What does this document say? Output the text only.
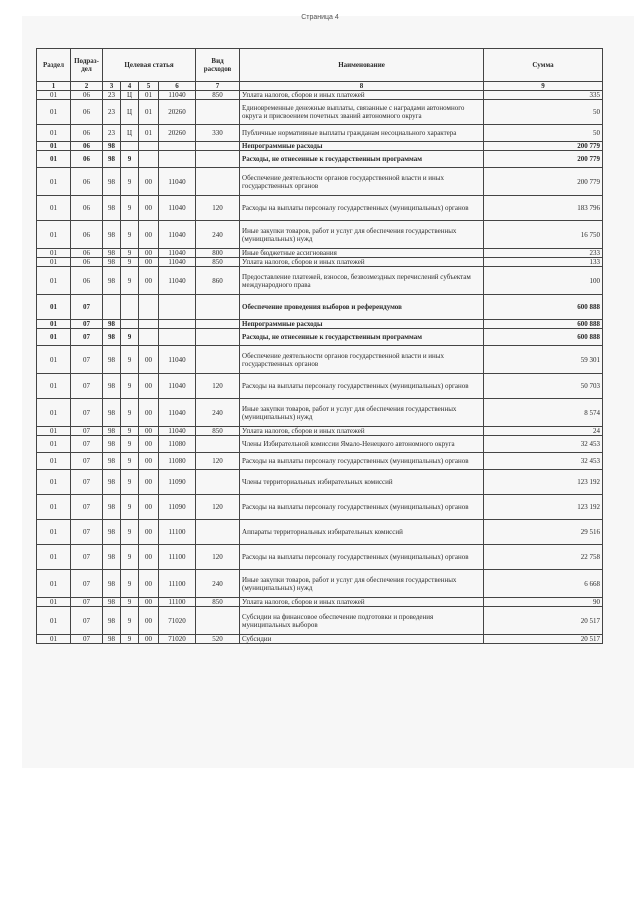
Страница 4
Раздел	Подраз-дел	Целевая статья				Вид расходов	Наименование	Сумма
1	2	3	4	5	6	7	8	9
01	06	23	Ц	01	11040	850	Уплата налогов, сборов и иных платежей	335
01	06	23	Ц	01	20260		Единовременные денежные выплаты, связанные с наградами автономного округа и присвоением почетных званий автономного округа	50
01	06	23	Ц	01	20260	330	Публичные нормативные выплаты гражданам несоциального характера	50
01	06	98					Непрограммные расходы	200 779
01	06	98	9				Расходы, не отнесенные к государственным программам	200 779
01	06	98	9	00	11040		Обеспечение деятельности органов государственной власти и иных государственных органов	200 779
01	06	98	9	00	11040	120	Расходы на выплаты персоналу государственных (муниципальных) органов	183 796
01	06	98	9	00	11040	240	Иные закупки товаров, работ и услуг для обеспечения государственных (муниципальных) нужд	16 750
01	06	98	9	00	11040	800	Иные бюджетные ассигнования	233
01	06	98	9	00	11040	850	Уплата налогов, сборов и иных платежей	133
01	06	98	9	00	11040	860	Предоставление платежей, взносов, безвозмездных перечислений субъектам международного права	100
01	07						Обеспечение проведения выборов и референдумов	600 888
01	07	98					Непрограммные расходы	600 888
01	07	98	9				Расходы, не отнесенные к государственным программам	600 888
01	07	98	9	00	11040		Обеспечение деятельности органов государственной власти и иных государственных органов	59 301
01	07	98	9	00	11040	120	Расходы на выплаты персоналу государственных (муниципальных) органов	50 703
01	07	98	9	00	11040	240	Иные закупки товаров, работ и услуг для обеспечения государственных (муниципальных) нужд	8 574
01	07	98	9	00	11040	850	Уплата налогов, сборов и иных платежей	24
01	07	98	9	00	11080		Члены Избирательной комиссии Ямало-Ненецкого автономного округа	32 453
01	07	98	9	00	11080	120	Расходы на выплаты персоналу государственных (муниципальных) органов	32 453
01	07	98	9	00	11090		Члены территориальных избирательных комиссий	123 192
01	07	98	9	00	11090	120	Расходы на выплаты персоналу государственных (муниципальных) органов	123 192
01	07	98	9	00	11100		Аппараты территориальных избирательных комиссий	29 516
01	07	98	9	00	11100	120	Расходы на выплаты персоналу государственных (муниципальных) органов	22 758
01	07	98	9	00	11100	240	Иные закупки товаров, работ и услуг для обеспечения государственных (муниципальных) нужд	6 668
01	07	98	9	00	11100	850	Уплата налогов, сборов и иных платежей	90
01	07	98	9	00	71020		Субсидии на финансовое обеспечение подготовки и проведения муниципальных выборов	20 517
01	07	98	9	00	71020	520	Субсидии	20 517
